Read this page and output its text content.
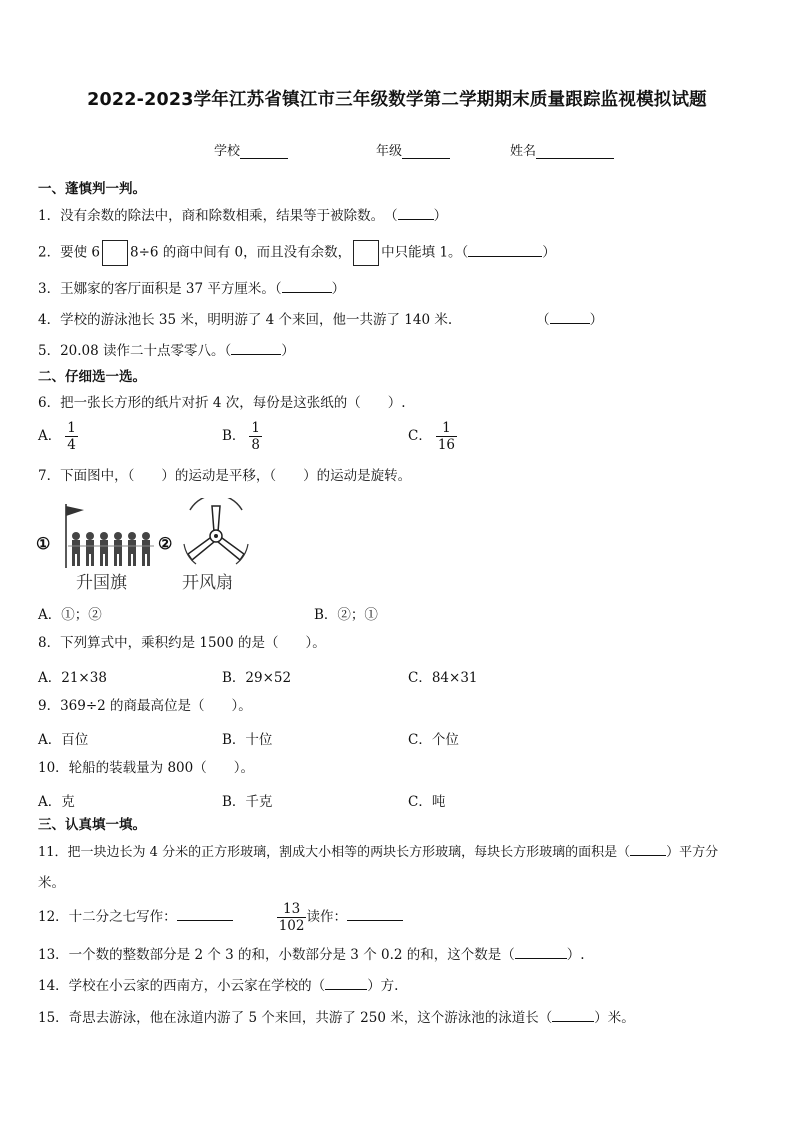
2022-2023学年江苏省镇江市三年级数学第二学期期末质量跟踪监视模拟试题
学校	年级	姓名
一、蓬慎判一判。
1．没有余数的除法中，商和除数相乘，结果等于被除数。　（	）
2．要使 6 8÷6 的商中间有 0，而且没有余数， 中只能填 1。（	）
3．王娜家的客厅面积是 37 平方厘米。（	）
4．学校的游泳池长 35 米，明明游了 4 个来回，他一共游了 140 米.	（	）
5．20.08 读作二十点零零八。（	）
二、仔细选一选。
6．把一张长方形的纸片对折 4 次，每份是这张纸的（　　）.
A． $\frac{1}{4}$	B． $\frac{1}{8}$	C． $\frac{1}{16}$
7．下面图中，（　　）的运动是平移，（　　）的运动是旋转。
①
升国旗
②
开风扇
A．①；②	B．②；①
8．下列算式中，乘积约是 1500 的是（　　）。
A．21×38	B．29×52	C．84×31
9．369÷2 的商最高位是（　　）。
A．百位	B．十位	C．个位
10．轮船的装载量为 800（　　）。
A．克	B．千克	C．吨
三、认真填一填。
11．把一块边长为 4 分米的正方形玻璃，割成大小相等的两块长方形玻璃，每块长方形玻璃的面积是（	）平方分
米。
12．十二分之七写作：	$\frac{13}{102}$ 读作：
13．一个数的整数部分是 2 个 3 的和，小数部分是 3 个 0.2 的和，这个数是（	）.
14．学校在小云家的西南方，小云家在学校的（	）方.
15．奇思去游泳，他在泳道内游了 5 个来回，共游了 250 米，这个游泳池的泳道长（	）米。
